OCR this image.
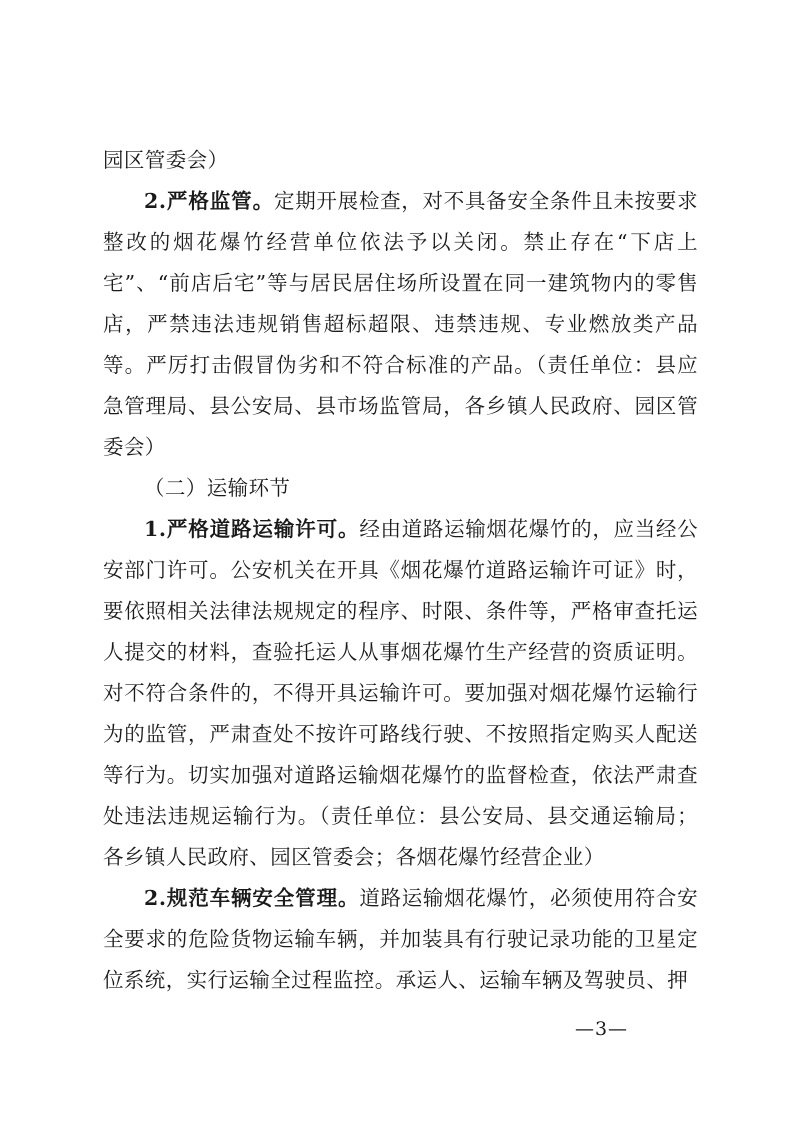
园区管委会）

2.严格监管。定期开展检查，对不具备安全条件且未按要求整改的烟花爆竹经营单位依法予以关闭。禁止存在“下店上宅”、“前店后宅”等与居民居住场所设置在同一建筑物内的零售店，严禁违法违规销售超标超限、违禁违规、专业燃放类产品等。严厉打击假冒伪劣和不符合标准的产品。（责任单位：县应急管理局、县公安局、县市场监管局，各乡镇人民政府、园区管委会）

（二）运输环节

1.严格道路运输许可。经由道路运输烟花爆竹的，应当经公安部门许可。公安机关在开具《烟花爆竹道路运输许可证》时，要依照相关法律法规规定的程序、时限、条件等，严格审查托运人提交的材料，查验托运人从事烟花爆竹生产经营的资质证明。对不符合条件的，不得开具运输许可。要加强对烟花爆竹运输行为的监管，严肃查处不按许可路线行驶、不按照指定购买人配送等行为。切实加强对道路运输烟花爆竹的监督检查，依法严肃查处违法违规运输行为。（责任单位：县公安局、县交通运输局；各乡镇人民政府、园区管委会；各烟花爆竹经营企业）

2.规范车辆安全管理。道路运输烟花爆竹，必须使用符合安全要求的危险货物运输车辆，并加装具有行驶记录功能的卫星定位系统，实行运输全过程监控。承运人、运输车辆及驾驶员、押

—3—
